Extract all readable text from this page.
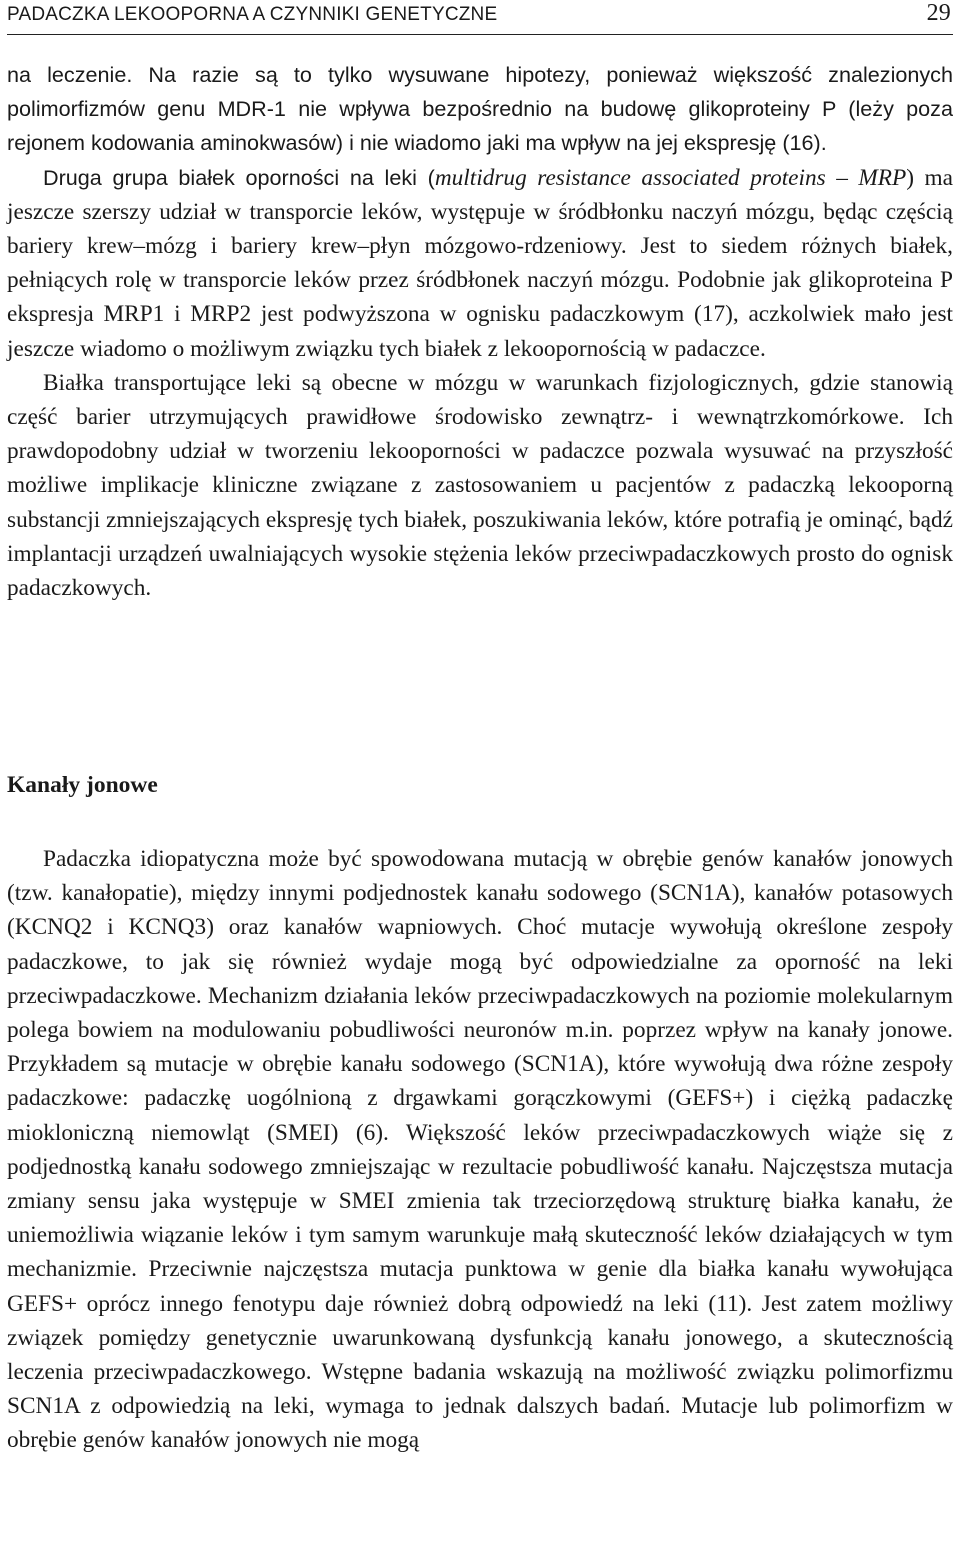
PADACZKA LEKOOPORNA A CZYNNIKI GENETYCZNE	29

na leczenie. Na razie są to tylko wysuwane hipotezy, ponieważ większość znalezionych polimorfizmów genu MDR-1 nie wpływa bezpośrednio na budowę glikoproteiny P (leży poza rejonem kodowania aminokwasów) i nie wiadomo jaki ma wpływ na jej ekspresję (16).

Druga grupa białek oporności na leki (multidrug resistance associated proteins – MRP) ma jeszcze szerszy udział w transporcie leków, występuje w śródbłonku naczyń mózgu, będąc częścią bariery krew–mózg i bariery krew–płyn mózgowo-rdzeniowy. Jest to siedem różnych białek, pełniących rolę w transporcie leków przez śródbłonek naczyń mózgu. Podobnie jak glikoproteina P ekspresja MRP1 i MRP2 jest podwyższona w ognisku padaczkowym (17), aczkolwiek mało jest jeszcze wiadomo o możliwym związku tych białek z lekoopornością w padaczce.

Białka transportujące leki są obecne w mózgu w warunkach fizjologicznych, gdzie stanowią część barier utrzymujących prawidłowe środowisko zewnątrz- i wewnątrzkomórkowe. Ich prawdopodobny udział w tworzeniu lekooporności w padaczce pozwala wysuwać na przyszłość możliwe implikacje kliniczne związane z zastosowaniem u pacjentów z padaczką lekooporną substancji zmniejszających ekspresję tych białek, poszukiwania leków, które potrafią je ominąć, bądź implantacji urządzeń uwalniających wysokie stężenia leków przeciwpadaczkowych prosto do ognisk padaczkowych.

Kanały jonowe

Padaczka idiopatyczna może być spowodowana mutacją w obrębie genów kanałów jonowych (tzw. kanałopatie), między innymi podjednostek kanału sodowego (SCN1A), kanałów potasowych (KCNQ2 i KCNQ3) oraz kanałów wapniowych. Choć mutacje wywołują określone zespoły padaczkowe, to jak się również wydaje mogą być odpowiedzialne za oporność na leki przeciwpadaczkowe. Mechanizm działania leków przeciwpadaczkowych na poziomie molekularnym polega bowiem na modulowaniu pobudliwości neuronów m.in. poprzez wpływ na kanały jonowe. Przykładem są mutacje w obrębie kanału sodowego (SCN1A), które wywołują dwa różne zespoły padaczkowe: padaczkę uogólnioną z drgawkami gorączkowymi (GEFS+) i ciężką padaczkę miokloniczną niemowląt (SMEI) (6). Większość leków przeciwpadaczkowych wiąże się z podjednostką kanału sodowego zmniejszając w rezultacie pobudliwość kanału. Najczęstsza mutacja zmiany sensu jaka występuje w SMEI zmienia tak trzeciorzędową strukturę białka kanału, że uniemożliwia wiązanie leków i tym samym warunkuje małą skuteczność leków działających w tym mechanizmie. Przeciwnie najczęstsza mutacja punktowa w genie dla białka kanału wywołująca GEFS+ oprócz innego fenotypu daje również dobrą odpowiedź na leki (11). Jest zatem możliwy związek pomiędzy genetycznie uwarunkowaną dysfunkcją kanału jonowego, a skutecznością leczenia przeciwpadaczkowego. Wstępne badania wskazują na możliwość związku polimorfizmu SCN1A z odpowiedzią na leki, wymaga to jednak dalszych badań. Mutacje lub polimorfizm w obrębie genów kanałów jonowych nie mogą
